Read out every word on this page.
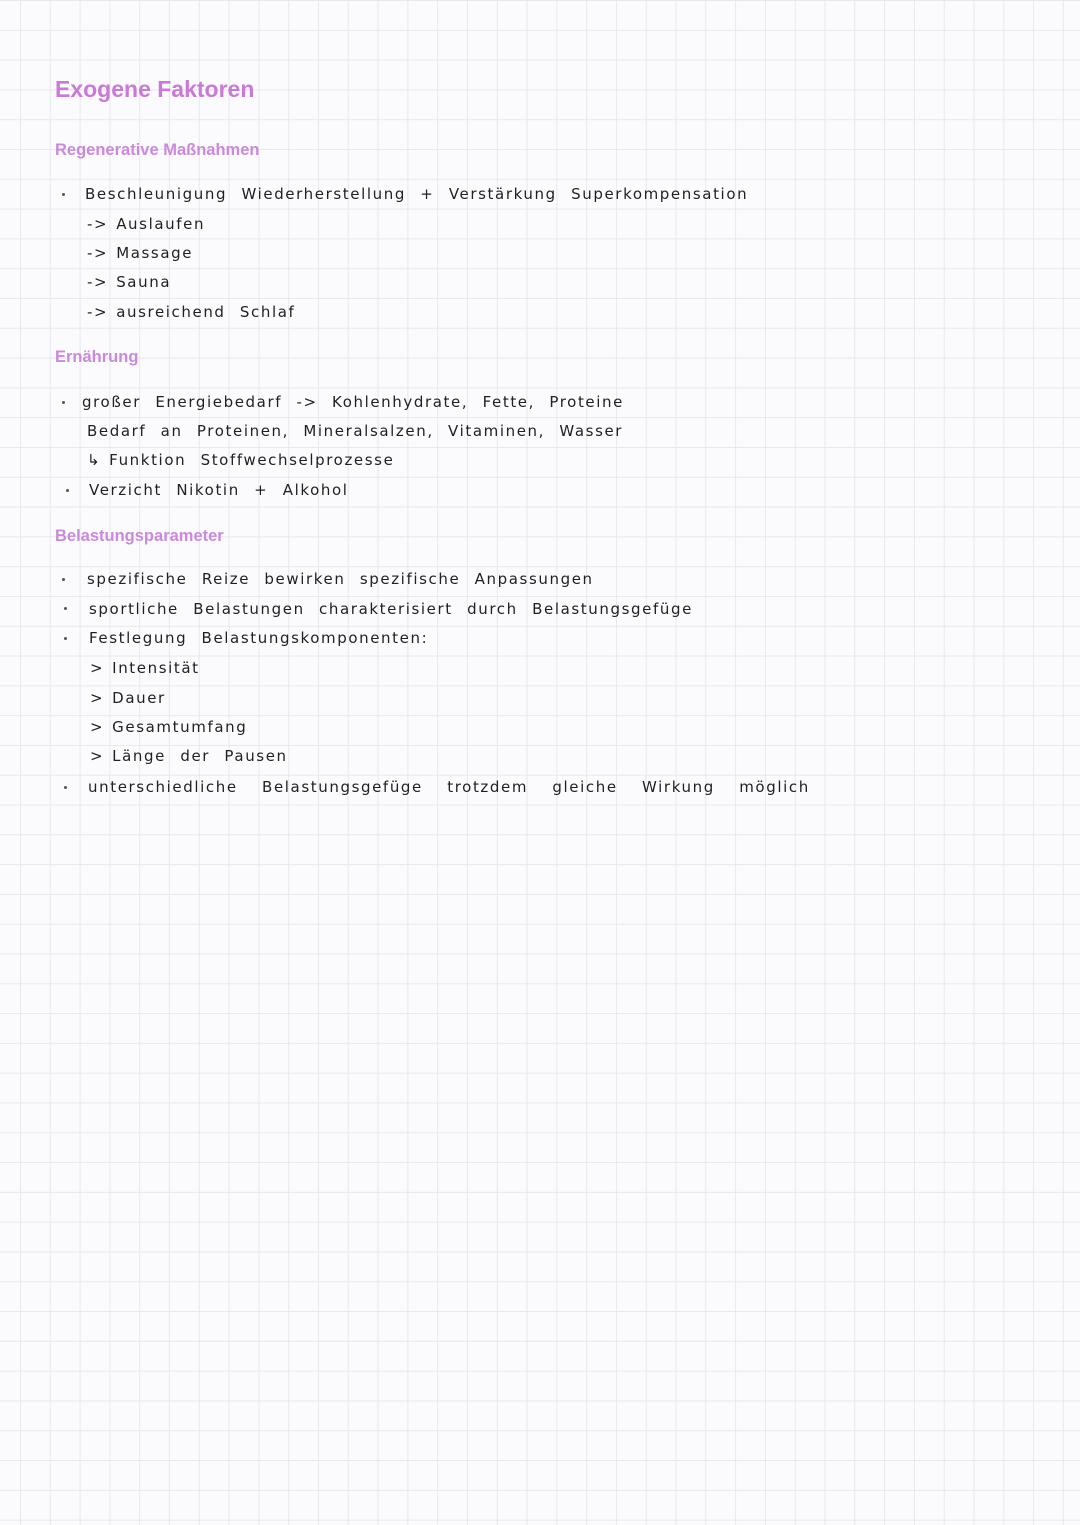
Exogene Faktoren
Regenerative Maßnahmen
Beschleunigung Wiederherstellung + Verstärkung Superkompensation
-> Auslaufen
-> Massage
-> Sauna
-> ausreichend Schlaf
Ernährung
großer Energiebedarf -> Kohlenhydrate, Fette, Proteine
Bedarf an Proteinen, Mineralsalzen, Vitaminen, Wasser
↳ Funktion Stoffwechselprozesse
Verzicht Nikotin + Alkohol
Belastungsparameter
spezifische Reize bewirken spezifische Anpassungen
sportliche Belastungen charakterisiert durch Belastungsgefüge
Festlegung Belastungskomponenten:
> Intensität
> Dauer
> Gesamtumfang
> Länge der Pausen
unterschiedliche Belastungsgefüge trotzdem gleiche Wirkung möglich
